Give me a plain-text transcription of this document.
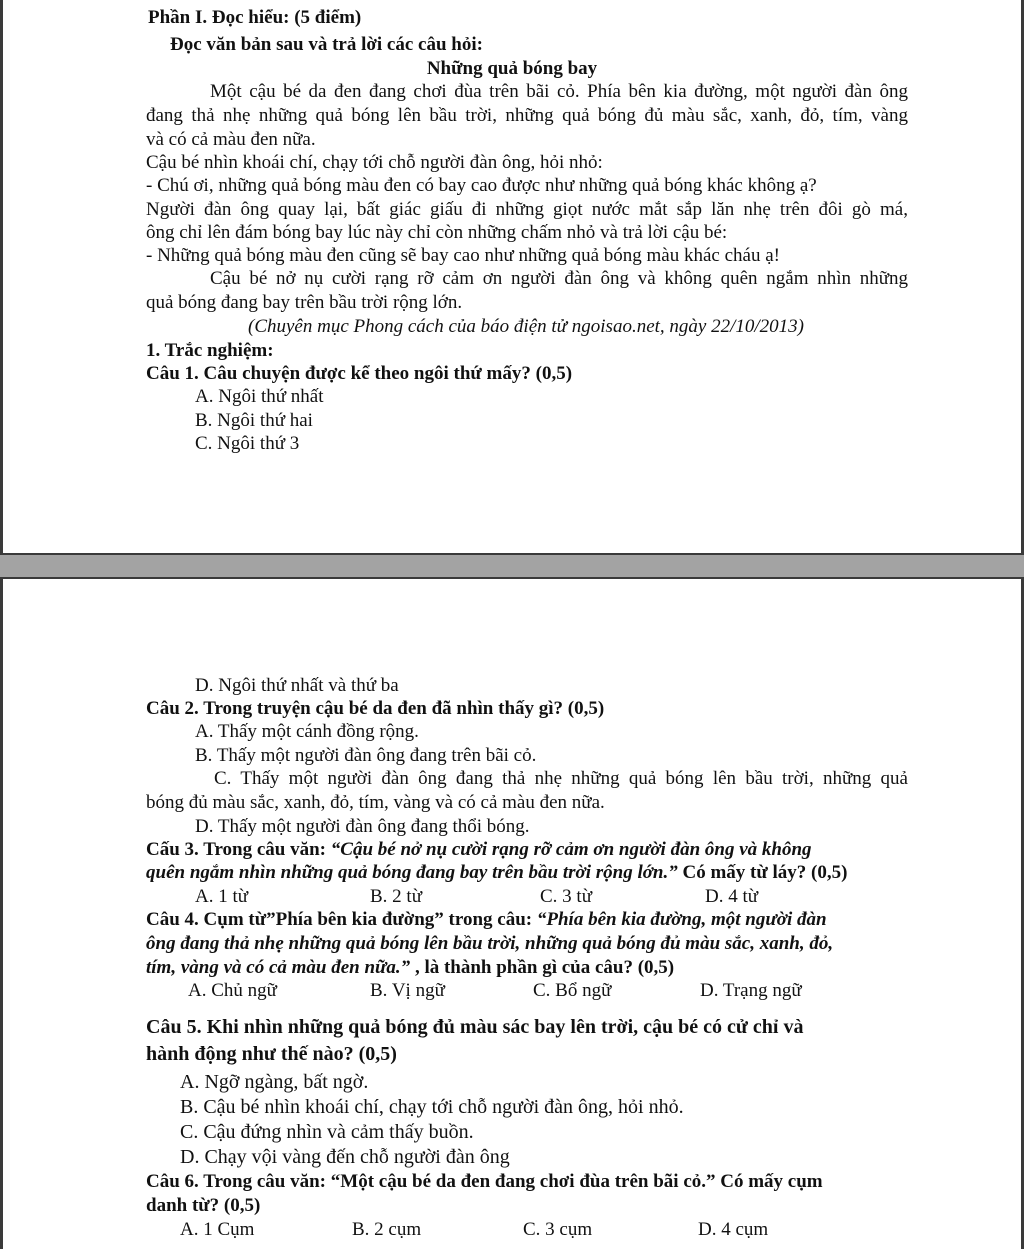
Phần I. Đọc hiểu: (5 điểm)
Đọc văn bản sau và trả lời các câu hỏi:
Những quả bóng bay
Một cậu bé da đen đang chơi đùa trên bãi cỏ. Phía bên kia đường, một người đàn ông
đang thả nhẹ những quả bóng lên bầu trời, những quả bóng đủ màu sắc, xanh, đỏ, tím, vàng
và có cả màu đen nữa.
Cậu bé nhìn khoái chí, chạy tới chỗ người đàn ông, hỏi nhỏ:
- Chú ơi, những quả bóng màu đen có bay cao được như những quả bóng khác không ạ?
Người đàn ông quay lại, bất giác giấu đi những giọt nước mắt sắp lăn nhẹ trên đôi gò má,
ông chỉ lên đám bóng bay lúc này chỉ còn những chấm nhỏ và trả lời cậu bé:
- Những quả bóng màu đen cũng sẽ bay cao như những quả bóng màu khác cháu ạ!
Cậu bé nở nụ cười rạng rỡ cảm ơn người đàn ông và không quên ngắm nhìn những
quả bóng đang bay trên bầu trời rộng lớn.
(Chuyên mục Phong cách của báo điện tử ngoisao.net, ngày 22/10/2013)
1. Trắc nghiệm:
Câu 1. Câu chuyện được kể theo ngôi thứ mấy? (0,5)
A. Ngôi thứ nhất
B. Ngôi thứ hai
C. Ngôi thứ 3
D. Ngôi thứ nhất và thứ ba
Câu 2. Trong truyện cậu bé da đen đã nhìn thấy gì? (0,5)
A. Thấy một cánh đồng rộng.
B. Thấy một người đàn ông đang trên bãi cỏ.
C. Thấy một người đàn ông đang thả nhẹ những quả bóng lên bầu trời, những quả
bóng đủ màu sắc, xanh, đỏ, tím, vàng và có cả màu đen nữa.
D. Thấy một người đàn ông đang thổi bóng.
Cấu 3. Trong câu văn: “Cậu bé nở nụ cười rạng rỡ cảm ơn người đàn ông và không
quên ngắm nhìn những quả bóng đang bay trên bầu trời rộng lớn.” Có mấy từ láy? (0,5)
A. 1 từ	B. 2 từ	C. 3 từ	D. 4 từ
Câu 4. Cụm từ”Phía bên kia đường” trong câu: “Phía bên kia đường, một người đàn
ông đang thả nhẹ những quả bóng lên bầu trời, những quả bóng đủ màu sắc, xanh, đỏ,
tím, vàng và có cả màu đen nữa.” , là thành phần gì của câu? (0,5)
A. Chủ ngữ	B. Vị ngữ	C. Bổ ngữ	D. Trạng ngữ
Câu 5. Khi nhìn những quả bóng đủ màu sác bay lên trời, cậu bé có cử chỉ và
hành động như thế nào? (0,5)
A. Ngỡ ngàng, bất ngờ.
B. Cậu bé nhìn khoái chí, chạy tới chỗ người đàn ông, hỏi nhỏ.
C. Cậu đứng nhìn và cảm thấy buồn.
D. Chạy vội vàng đến chỗ người đàn ông
Câu 6. Trong câu văn: “Một cậu bé da đen đang chơi đùa trên bãi cỏ.” Có mấy cụm
danh từ? (0,5)
A. 1 Cụm	B. 2 cụm	C. 3 cụm	D. 4 cụm
